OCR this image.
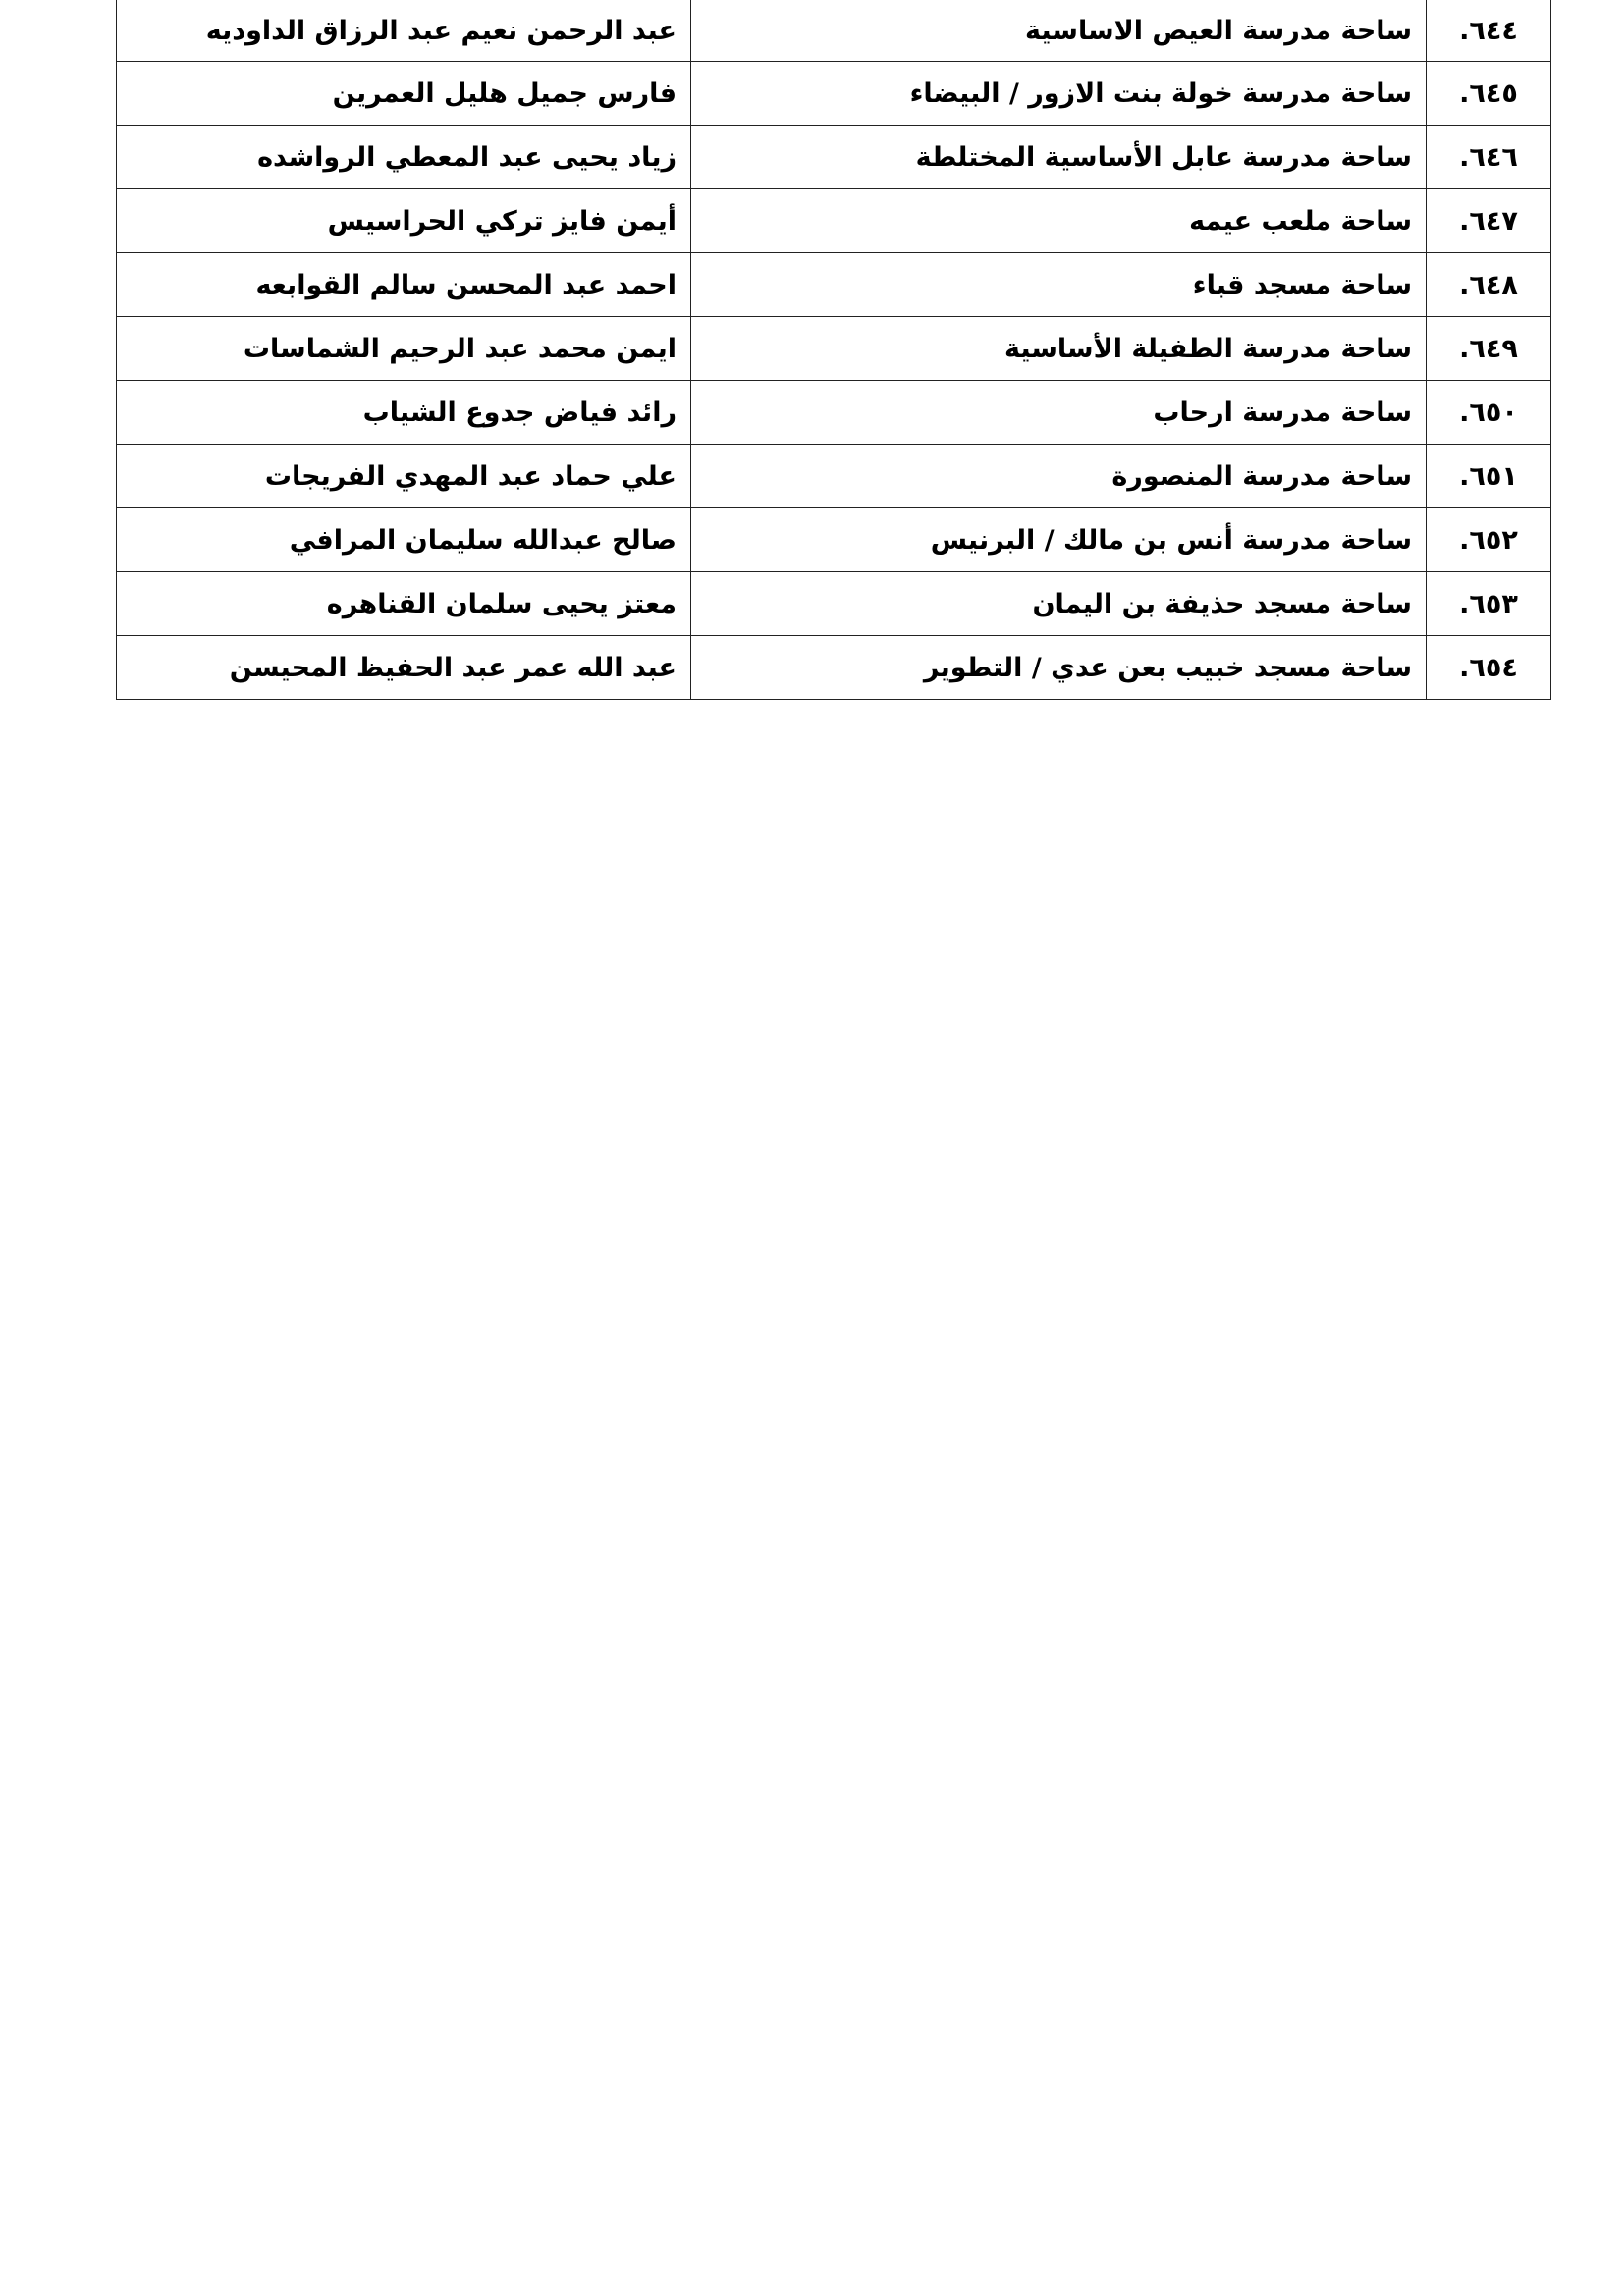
٦٤٤.	ساحة مدرسة العيص الاساسية	عبد الرحمن نعيم عبد الرزاق الداوديه
٦٤٥.	ساحة مدرسة خولة بنت الازور / البيضاء	فارس جميل هليل العمرين
٦٤٦.	ساحة مدرسة عابل الأساسية المختلطة	زياد يحيى عبد المعطي الرواشده
٦٤٧.	ساحة ملعب عيمه	أيمن فايز تركي الحراسيس
٦٤٨.	ساحة مسجد قباء	احمد عبد المحسن سالم القوابعه
٦٤٩.	ساحة مدرسة الطفيلة الأساسية	ايمن محمد عبد الرحيم الشماسات
٦٥٠.	ساحة مدرسة ارحاب	رائد فياض جدوع الشياب
٦٥١.	ساحة مدرسة المنصورة	علي حماد عبد المهدي الفريجات
٦٥٢.	ساحة مدرسة أنس بن مالك / البرنيس	صالح عبدالله سليمان المرافي
٦٥٣.	ساحة مسجد حذيفة بن اليمان	معتز يحيى سلمان القناهره
٦٥٤.	ساحة مسجد خبيب بعن عدي / التطوير	عبد الله عمر عبد الحفيظ المحيسن
